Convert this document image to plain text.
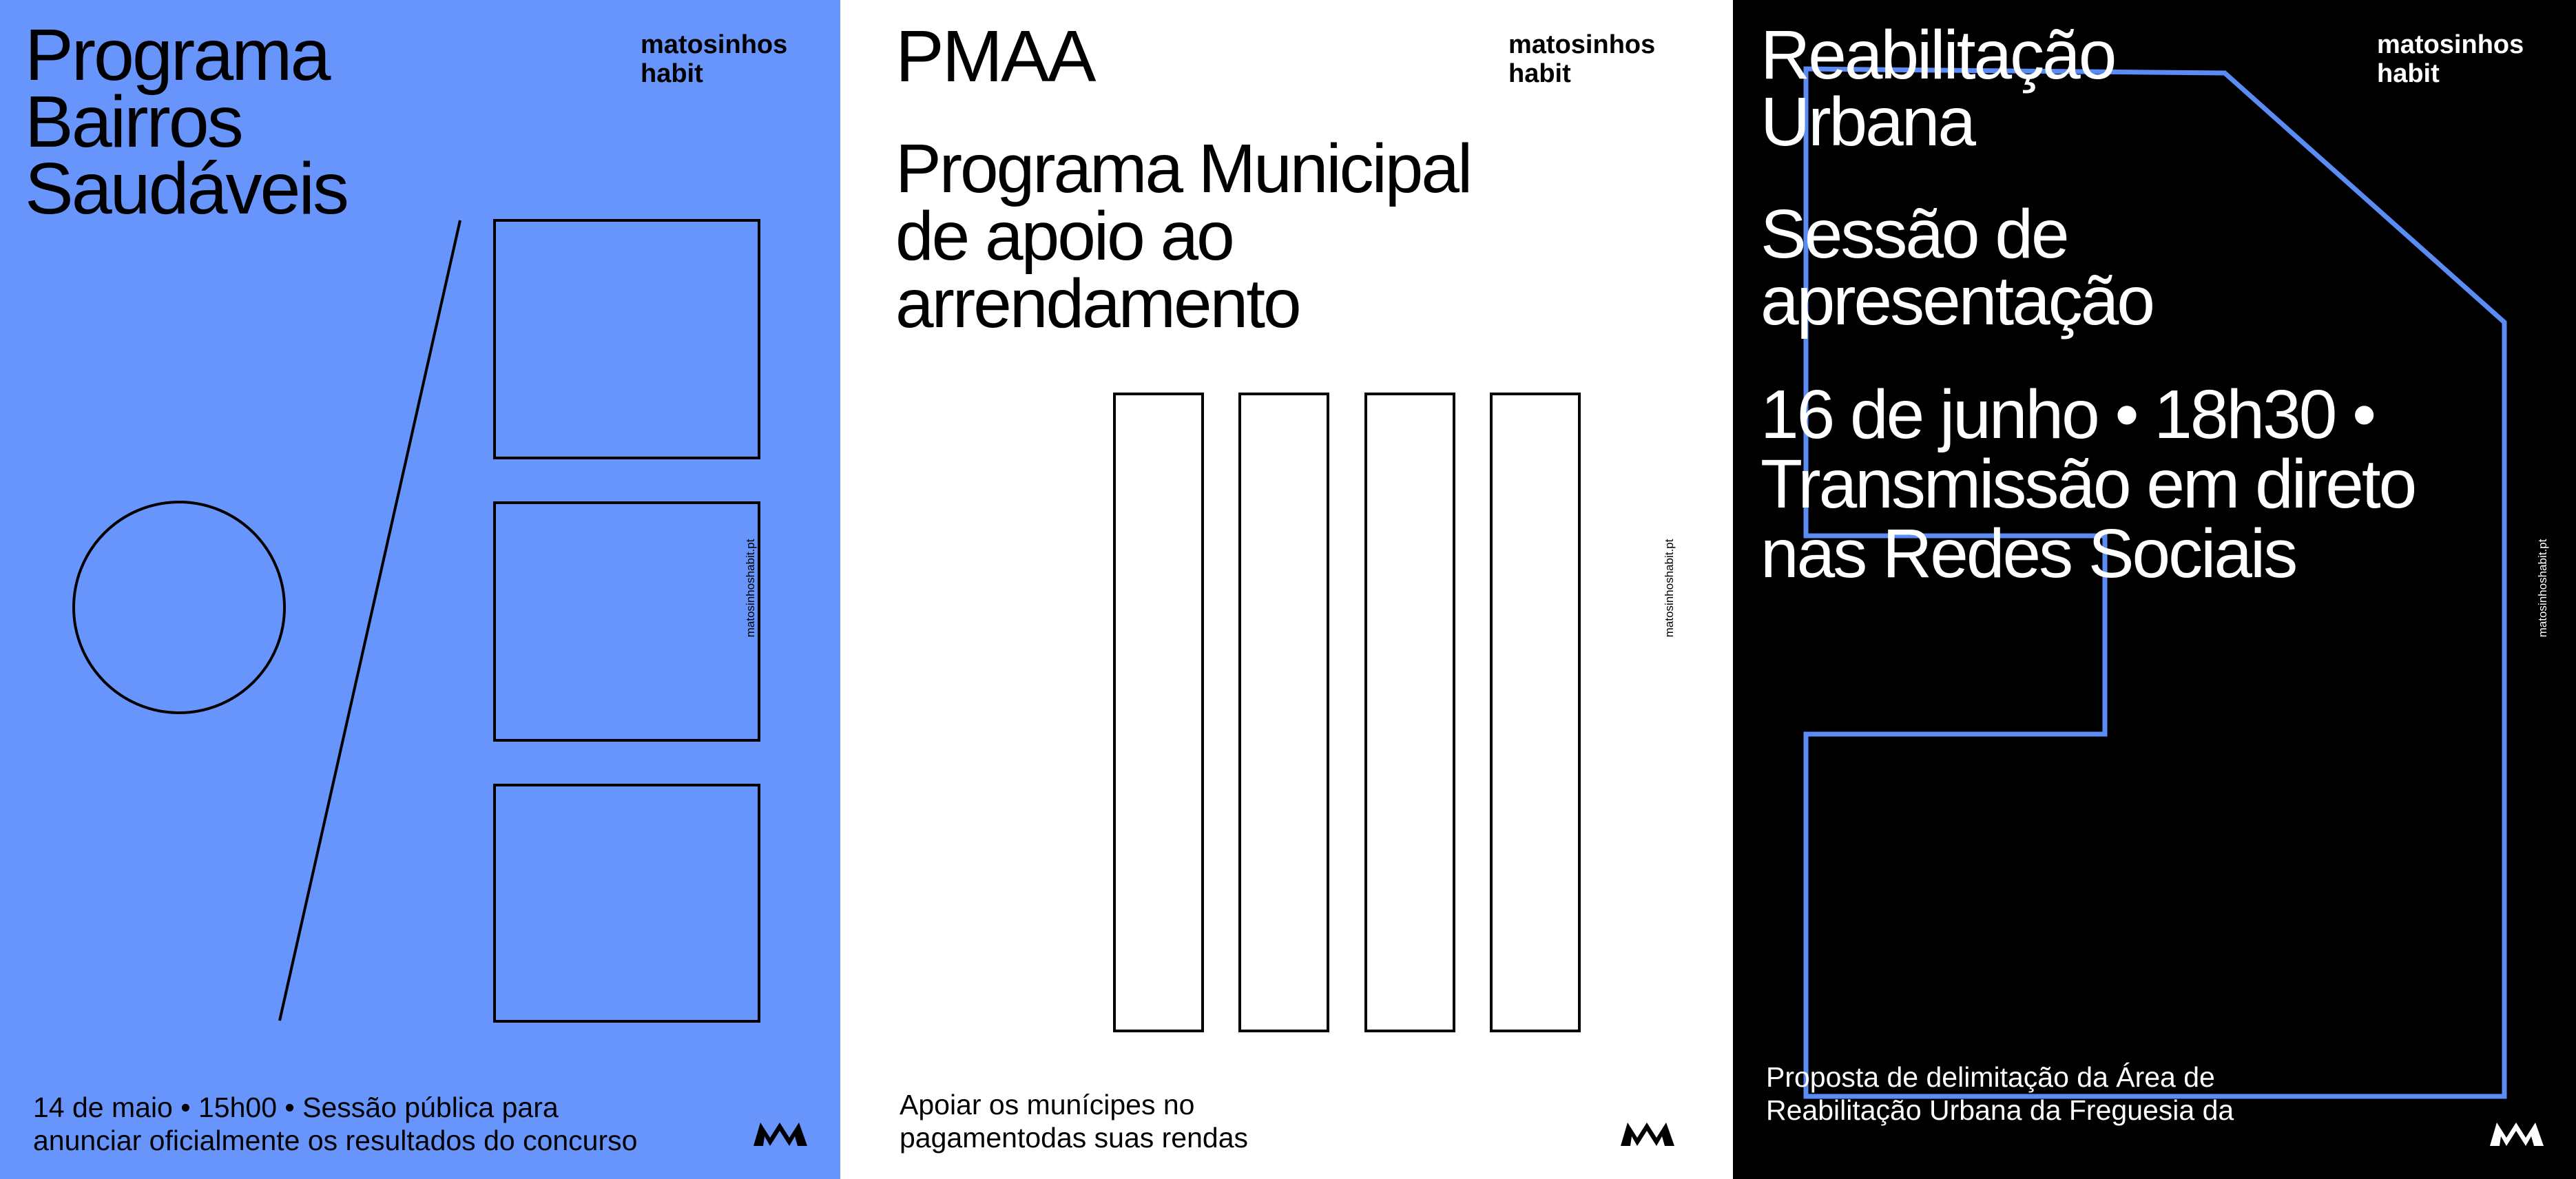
Programa
Bairros
Saudáveis
matosinhos
habit
matosinhoshabit.pt
14 de maio • 15h00 • Sessão pública para
anunciar oficialmente os resultados do concurso
PMAA
Programa Municipal
de apoio ao
arrendamento
matosinhos
habit
matosinhoshabit.pt
Apoiar os munícipes no
pagamentodas suas rendas
Reabilitação
Urbana
Sessão de
apresentação
16 de junho • 18h30 •
Transmissão em direto
nas Redes Sociais
matosinhos
habit
matosinhoshabit.pt
Proposta de delimitação da Área de
Reabilitação Urbana da Freguesia da
